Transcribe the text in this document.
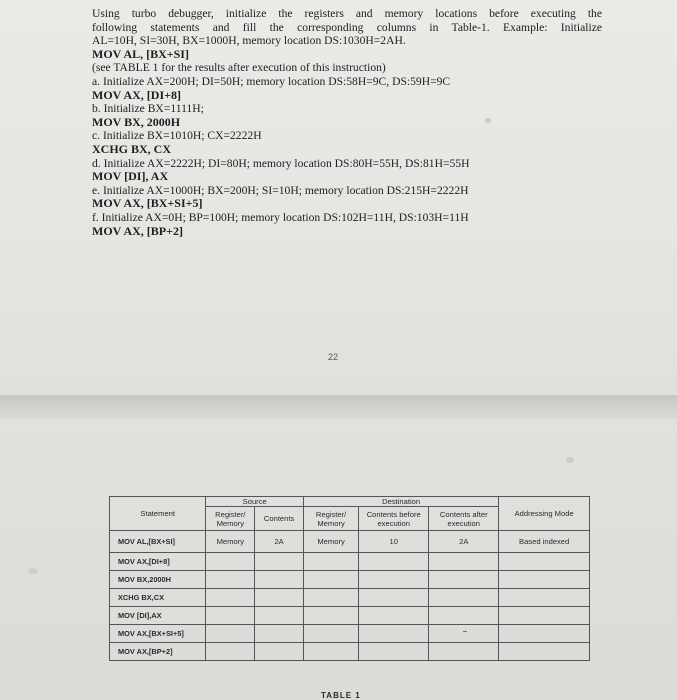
Using turbo debugger, initialize the registers and memory locations before executing the
following statements and fill the corresponding columns in Table-1. Example: Initialize
AL=10H, SI=30H, BX=1000H, memory location DS:1030H=2AH.
MOV AL, [BX+SI]
(see TABLE 1 for the results after execution of this instruction)
a. Initialize AX=200H; DI=50H; memory location DS:58H=9C, DS:59H=9C
MOV AX, [DI+8]
b. Initialize BX=1111H;
MOV BX, 2000H
c. Initialize BX=1010H; CX=2222H
XCHG BX, CX
d. Initialize AX=2222H; DI=80H; memory location DS:80H=55H, DS:81H=55H
MOV [DI], AX
e. Initialize AX=1000H; BX=200H; SI=10H; memory location DS:215H=2222H
MOV AX, [BX+SI+5]
f. Initialize AX=0H; BP=100H; memory location DS:102H=11H, DS:103H=11H
MOV AX, [BP+2]
22
Statement	Source		Destination			Addressing Mode
	Register/ Memory	Contents	Register/ Memory	Contents before execution	Contents after execution	
MOV AL,[BX+SI]	Memory	2A	Memory	10	2A	Based indexed
MOV AX,[DI+8]						
MOV BX,2000H						
XCHG BX,CX						
MOV [DI],AX						
MOV AX,[BX+SI+5]						
MOV AX,[BP+2]						
TABLE 1
